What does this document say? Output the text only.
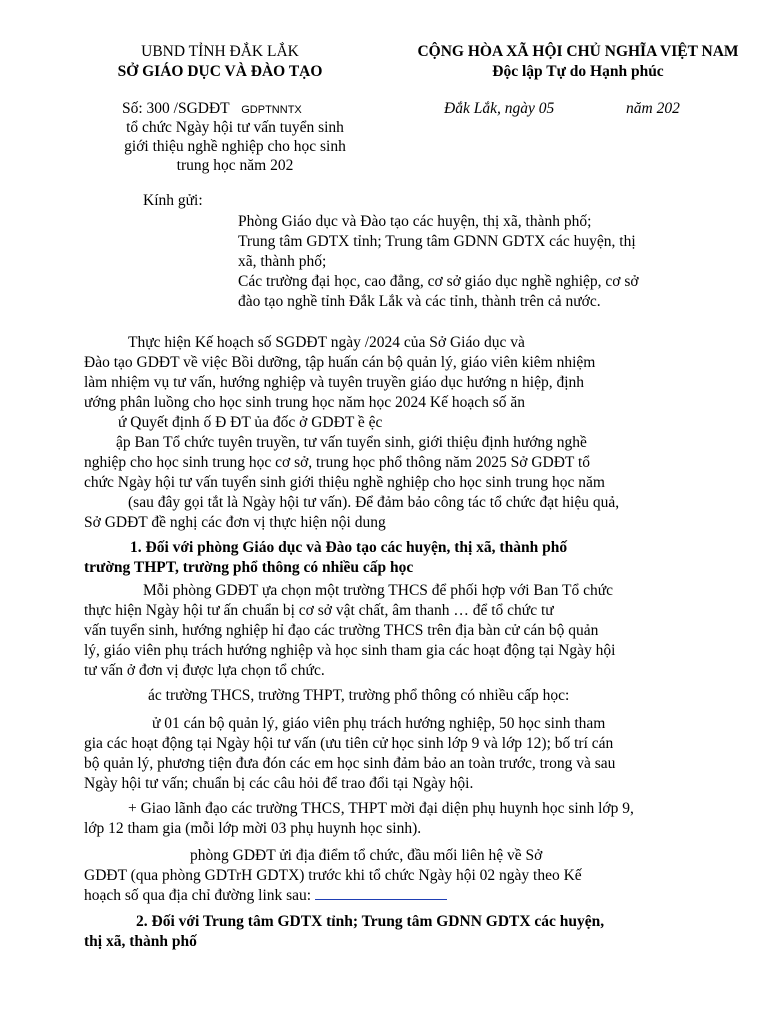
UBND TỈNH ĐẮK LẮK
SỞ GIÁO DỤC VÀ ĐÀO TẠO
CỘNG HÒA XÃ HỘI CHỦ NGHĨA VIỆT NAM
Độc lập Tự do Hạnh phúc
Số: 300 /SGDĐT GDPTNNTX	Đắk Lắk, ngày 05	năm 202
tổ chức Ngày hội tư vấn tuyển sinh
giới thiệu nghề nghiệp cho học sinh
trung học năm 202
Kính gửi:
Phòng Giáo dục và Đào tạo các huyện, thị xã, thành phố;
Trung tâm GDTX tỉnh; Trung tâm GDNN GDTX các huyện, thị
xã, thành phố;
Các trường đại học, cao đẳng, cơ sở giáo dục nghề nghiệp, cơ sở
đào tạo nghề tỉnh Đắk Lắk và các tỉnh, thành trên cả nước.
Thực hiện Kế hoạch số SGDĐT ngày /2024 của Sở Giáo dục và
Đào tạo GDĐT về việc Bồi dưỡng, tập huấn cán bộ quản lý, giáo viên kiêm nhiệm
làm nhiệm vụ tư vấn, hướng nghiệp và tuyên truyền giáo dục hướng n hiệp, định
ướng phân luồng cho học sinh trung học năm học 2024 Kế hoạch số ăn
ứ Quyết định ố Đ ĐT ủa đốc ở GDĐT ề ệc
ập Ban Tổ chức tuyên truyền, tư vấn tuyển sinh, giới thiệu định hướng nghề
nghiệp cho học sinh trung học cơ sở, trung học phổ thông năm 2025 Sở GDĐT tổ
chức Ngày hội tư vấn tuyển sinh giới thiệu nghề nghiệp cho học sinh trung học năm
(sau đây gọi tắt là Ngày hội tư vấn). Để đảm bảo công tác tổ chức đạt hiệu quả,
Sở GDĐT đề nghị các đơn vị thực hiện nội dung
1. Đối với phòng Giáo dục và Đào tạo các huyện, thị xã, thành phố
trường THPT, trường phổ thông có nhiều cấp học
Mỗi phòng GDĐT ựa chọn một trường THCS để phối hợp với Ban Tổ chức
thực hiện Ngày hội tư ấn chuẩn bị cơ sở vật chất, âm thanh … để tổ chức tư
vấn tuyển sinh, hướng nghiệp hỉ đạo các trường THCS trên địa bàn cử cán bộ quản
lý, giáo viên phụ trách hướng nghiệp và học sinh tham gia các hoạt động tại Ngày hội
tư vấn ở đơn vị được lựa chọn tổ chức.
ác trường THCS, trường THPT, trường phổ thông có nhiều cấp học:
ử 01 cán bộ quản lý, giáo viên phụ trách hướng nghiệp, 50 học sinh tham
gia các hoạt động tại Ngày hội tư vấn (ưu tiên cử học sinh lớp 9 và lớp 12); bố trí cán
bộ quản lý, phương tiện đưa đón các em học sinh đảm bảo an toàn trước, trong và sau
Ngày hội tư vấn; chuẩn bị các câu hỏi để trao đổi tại Ngày hội.
+ Giao lãnh đạo các trường THCS, THPT mời đại diện phụ huynh học sinh lớp 9,
lớp 12 tham gia (mỗi lớp mời 03 phụ huynh học sinh).
phòng GDĐT ửi địa điểm tổ chức, đầu mối liên hệ về Sở
GDĐT (qua phòng GDTrH GDTX) trước khi tổ chức Ngày hội 02 ngày theo Kế
hoạch số qua địa chỉ đường link sau:
2. Đối với Trung tâm GDTX tỉnh; Trung tâm GDNN GDTX các huyện,
thị xã, thành phố
